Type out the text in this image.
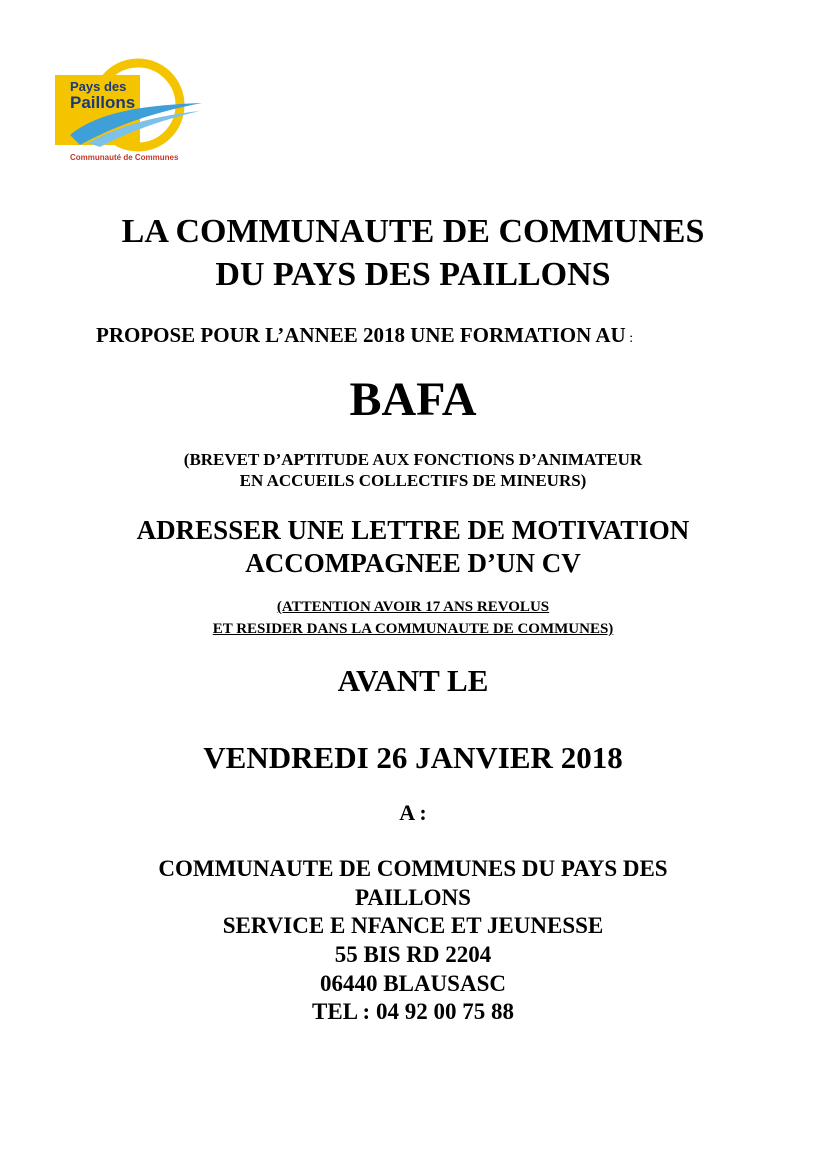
Pays des
Paillons
Communauté de Communes
LA COMMUNAUTE DE COMMUNES
DU PAYS DES PAILLONS
PROPOSE POUR L’ANNEE 2018 UNE FORMATION AU :
BAFA
(BREVET D’APTITUDE AUX FONCTIONS D’ANIMATEUR
EN ACCUEILS COLLECTIFS DE MINEURS)
ADRESSER UNE LETTRE DE MOTIVATION
ACCOMPAGNEE D’UN CV
(ATTENTION AVOIR 17 ANS REVOLUS
ET RESIDER DANS LA COMMUNAUTE DE COMMUNES)
AVANT LE
VENDREDI 26 JANVIER 2018
A :
COMMUNAUTE DE COMMUNES DU PAYS DES
PAILLONS
SERVICE E NFANCE ET JEUNESSE
55 BIS RD 2204
06440 BLAUSASC
TEL : 04 92 00 75 88
